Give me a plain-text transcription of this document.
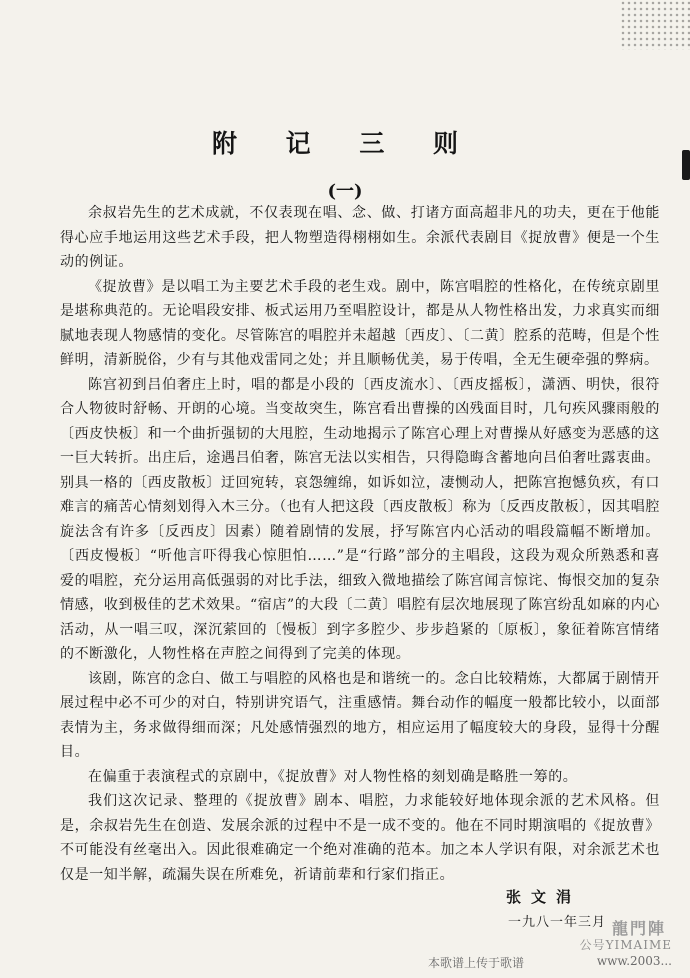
附 记 三 则
(一)

余叔岩先生的艺术成就，不仅表现在唱、念、做、打诸方面高超非凡的功夫，更在于他能得心应手地运用这些艺术手段，把人物塑造得栩栩如生。余派代表剧目《捉放曹》便是一个生动的例证。

《捉放曹》是以唱工为主要艺术手段的老生戏。剧中，陈宫唱腔的性格化，在传统京剧里是堪称典范的。无论唱段安排、板式运用乃至唱腔设计，都是从人物性格出发，力求真实而细腻地表现人物感情的变化。尽管陈宫的唱腔并未超越〔西皮〕、〔二黄〕腔系的范畴，但是个性鲜明，清新脱俗，少有与其他戏雷同之处；并且顺畅优美，易于传唱，全无生硬牵强的弊病。

陈宫初到吕伯奢庄上时，唱的都是小段的〔西皮流水〕、〔西皮摇板〕，潇洒、明快，很符合人物彼时舒畅、开朗的心境。当变故突生，陈宫看出曹操的凶残面目时，几句疾风骤雨般的〔西皮快板〕和一个曲折强韧的大甩腔，生动地揭示了陈宫心理上对曹操从好感变为恶感的这一巨大转折。出庄后，途遇吕伯奢，陈宫无法以实相告，只得隐晦含蓄地向吕伯奢吐露衷曲。别具一格的〔西皮散板〕迂回宛转，哀怨缠绵，如诉如泣，凄恻动人，把陈宫抱憾负疚，有口难言的痛苦心情刻划得入木三分。（也有人把这段〔西皮散板〕称为〔反西皮散板〕，因其唱腔旋法含有许多〔反西皮〕因素）随着剧情的发展，抒写陈宫内心活动的唱段篇幅不断增加。〔西皮慢板〕“听他言吓得我心惊胆怕……”是“行路”部分的主唱段，这段为观众所熟悉和喜爱的唱腔，充分运用高低强弱的对比手法，细致入微地描绘了陈宫闻言惊诧、悔恨交加的复杂情感，收到极佳的艺术效果。“宿店”的大段〔二黄〕唱腔有层次地展现了陈宫纷乱如麻的内心活动，从一唱三叹，深沉萦回的〔慢板〕到字多腔少、步步趋紧的〔原板〕，象征着陈宫情绪的不断激化，人物性格在声腔之间得到了完美的体现。

该剧，陈宫的念白、做工与唱腔的风格也是和谐统一的。念白比较精炼，大都属于剧情开展过程中必不可少的对白，特别讲究语气，注重感情。舞台动作的幅度一般都比较小，以面部表情为主，务求做得细而深；凡处感情强烈的地方，相应运用了幅度较大的身段，显得十分醒目。

在偏重于表演程式的京剧中，《捉放曹》对人物性格的刻划确是略胜一筹的。

我们这次记录、整理的《捉放曹》剧本、唱腔，力求能较好地体现余派的艺术风格。但是，余叔岩先生在创造、发展余派的过程中不是一成不变的。他在不同时期演唱的《捉放曹》不可能没有丝毫出入。因此很难确定一个绝对准确的范本。加之本人学识有限，对余派艺术也仅是一知半解，疏漏失误在所难免，祈请前辈和行家们指正。

张文涓
一九八一年三月 龍門陣
公号YIMAIME
本歌谱上传于歌谱	www.2003...
